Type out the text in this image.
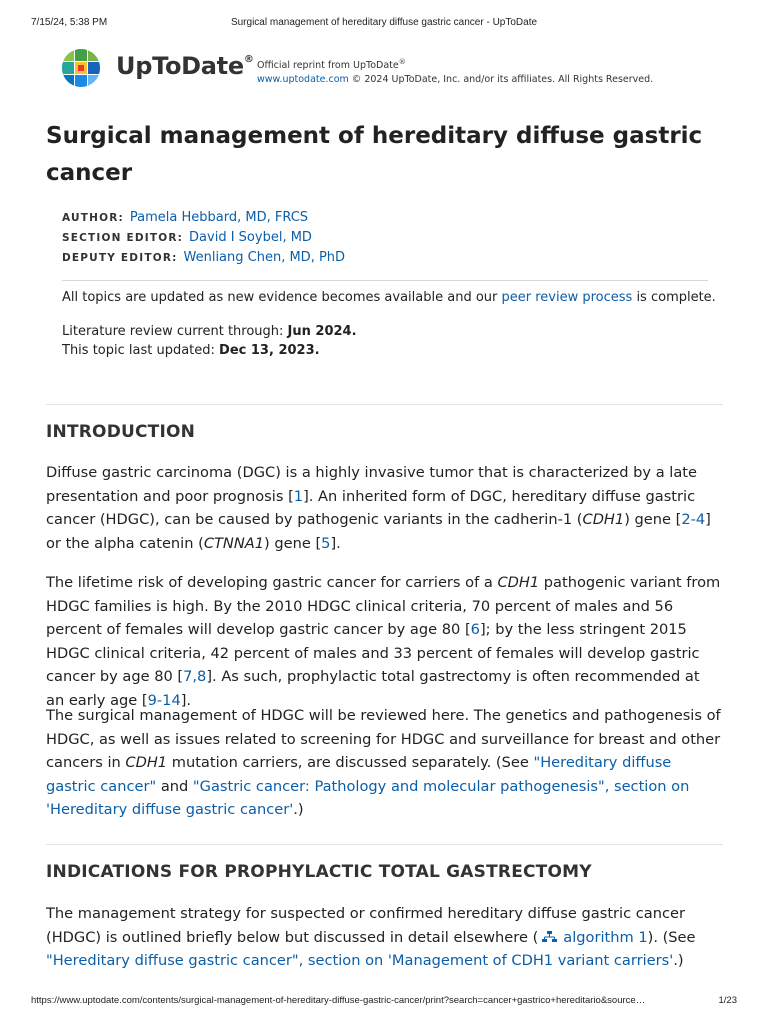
7/15/24, 5:38 PM	Surgical management of hereditary diffuse gastric cancer - UpToDate
UpToDate®
Official reprint from UpToDate®
www.uptodate.com © 2024 UpToDate, Inc. and/or its affiliates. All Rights Reserved.
Surgical management of hereditary diffuse gastric cancer
AUTHOR: Pamela Hebbard, MD, FRCS
SECTION EDITOR: David I Soybel, MD
DEPUTY EDITOR: Wenliang Chen, MD, PhD
All topics are updated as new evidence becomes available and our peer review process is complete.
Literature review current through: Jun 2024.
This topic last updated: Dec 13, 2023.
INTRODUCTION

Diffuse gastric carcinoma (DGC) is a highly invasive tumor that is characterized by a late presentation and poor prognosis [1]. An inherited form of DGC, hereditary diffuse gastric cancer (HDGC), can be caused by pathogenic variants in the cadherin-1 (CDH1) gene [2-4] or the alpha catenin (CTNNA1) gene [5].

The lifetime risk of developing gastric cancer for carriers of a CDH1 pathogenic variant from HDGC families is high. By the 2010 HDGC clinical criteria, 70 percent of males and 56 percent of females will develop gastric cancer by age 80 [6]; by the less stringent 2015 HDGC clinical criteria, 42 percent of males and 33 percent of females will develop gastric cancer by age 80 [7,8]. As such, prophylactic total gastrectomy is often recommended at an early age [9-14].

The surgical management of HDGC will be reviewed here. The genetics and pathogenesis of HDGC, as well as issues related to screening for HDGC and surveillance for breast and other cancers in CDH1 mutation carriers, are discussed separately. (See "Hereditary diffuse gastric cancer" and "Gastric cancer: Pathology and molecular pathogenesis", section on 'Hereditary diffuse gastric cancer'.)

INDICATIONS FOR PROPHYLACTIC TOTAL GASTRECTOMY

The management strategy for suspected or confirmed hereditary diffuse gastric cancer (HDGC) is outlined briefly below but discussed in detail elsewhere ( algorithm 1). (See "Hereditary diffuse gastric cancer", section on 'Management of CDH1 variant carriers'.)

https://www.uptodate.com/contents/surgical-management-of-hereditary-diffuse-gastric-cancer/print?search=cancer+gastrico+hereditario&source…	1/23
